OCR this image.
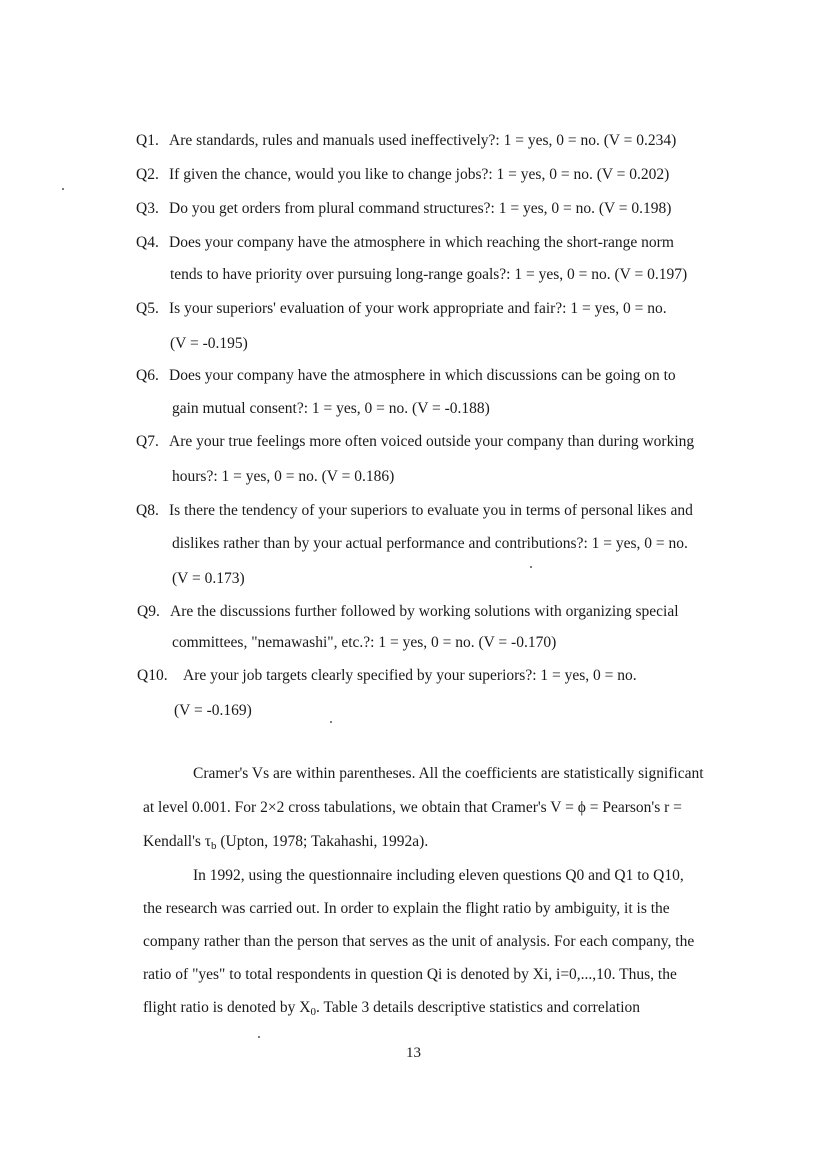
Q1. Are standards, rules and manuals used ineffectively?: 1 = yes, 0 = no. (V = 0.234)
Q2. If given the chance, would you like to change jobs?: 1 = yes, 0 = no. (V = 0.202)
Q3. Do you get orders from plural command structures?: 1 = yes, 0 = no. (V = 0.198)
Q4. Does your company have the atmosphere in which reaching the short-range norm
tends to have priority over pursuing long-range goals?: 1 = yes, 0 = no. (V = 0.197)
Q5. Is your superiors' evaluation of your work appropriate and fair?: 1 = yes, 0 = no.
(V = -0.195)
Q6. Does your company have the atmosphere in which discussions can be going on to
gain mutual consent?: 1 = yes, 0 = no. (V = -0.188)
Q7. Are your true feelings more often voiced outside your company than during working
hours?: 1 = yes, 0 = no. (V = 0.186)
Q8. Is there the tendency of your superiors to evaluate you in terms of personal likes and
dislikes rather than by your actual performance and contributions?: 1 = yes, 0 = no.
(V = 0.173)
Q9. Are the discussions further followed by working solutions with organizing special
committees, "nemawashi", etc.?: 1 = yes, 0 = no. (V = -0.170)
Q10. Are your job targets clearly specified by your superiors?: 1 = yes, 0 = no.
(V = -0.169)
Cramer's Vs are within parentheses. All the coefficients are statistically significant
at level 0.001. For 2×2 cross tabulations, we obtain that Cramer's V = ϕ = Pearson's r =
Kendall's τb (Upton, 1978; Takahashi, 1992a).
In 1992, using the questionnaire including eleven questions Q0 and Q1 to Q10,
the research was carried out. In order to explain the flight ratio by ambiguity, it is the
company rather than the person that serves as the unit of analysis. For each company, the
ratio of "yes" to total respondents in question Qi is denoted by Xi, i=0,...,10. Thus, the
flight ratio is denoted by X0. Table 3 details descriptive statistics and correlation
13
